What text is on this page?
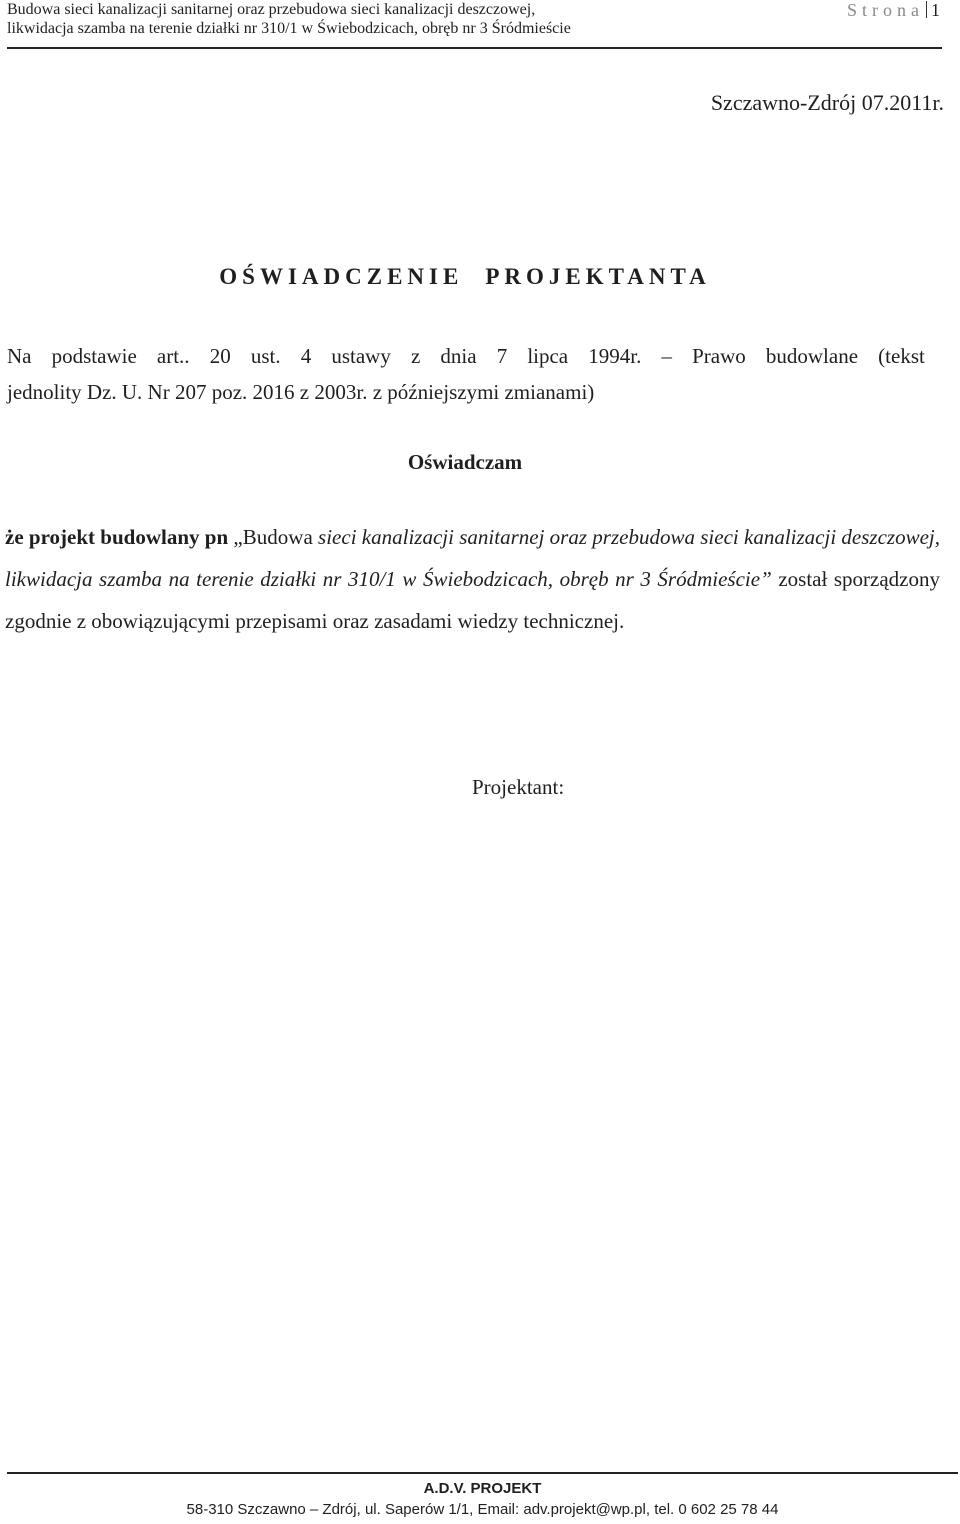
Budowa sieci kanalizacji sanitarnej oraz przebudowa sieci kanalizacji deszczowej,
likwidacja szamba na terenie działki nr 310/1 w Świebodzicach, obręb nr 3 Śródmieście
Strona 1
Szczawno-Zdrój 07.2011r.
OŚWIADCZENIE PROJEKTANTA
Na podstawie art.. 20 ust. 4 ustawy z dnia 7 lipca 1994r. – Prawo budowlane (tekst
jednolity Dz. U. Nr 207 poz. 2016 z 2003r. z późniejszymi zmianami)
Oświadczam
że projekt budowlany pn „Budowa sieci kanalizacji sanitarnej oraz przebudowa sieci kanalizacji deszczowej, likwidacja szamba na terenie działki nr 310/1 w Świebodzicach, obręb nr 3 Śródmieście” został sporządzony zgodnie z obowiązującymi przepisami oraz zasadami wiedzy technicznej.
Projektant:
A.D.V. PROJEKT
58-310 Szczawno – Zdrój, ul. Saperów 1/1, Email: adv.projekt@wp.pl, tel. 0 602 25 78 44
